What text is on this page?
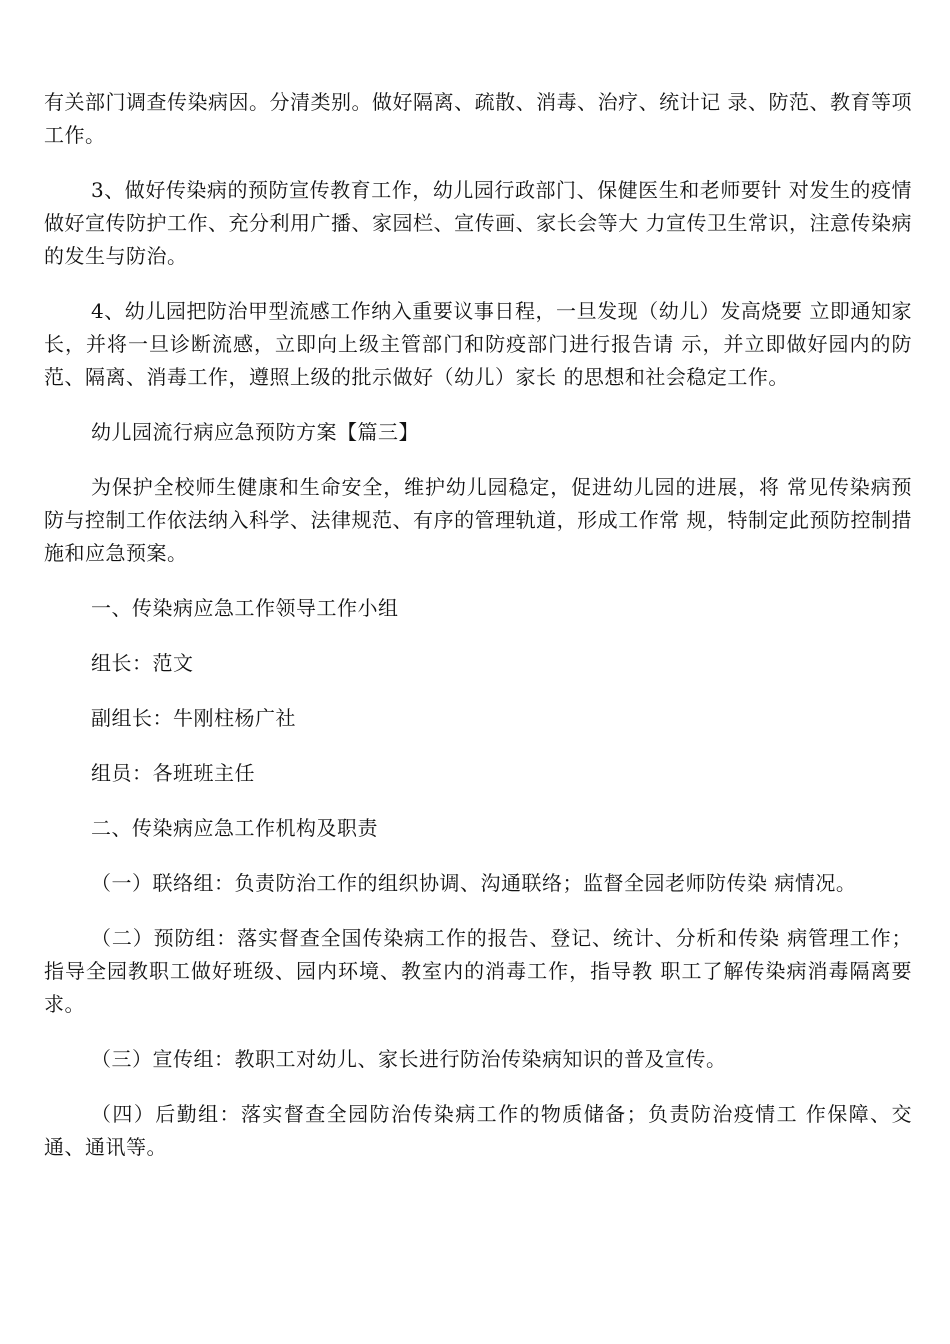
有关部门调查传染病因。分清类别。做好隔离、疏散、消毒、治疗、统计记 录、防范、教育等项工作。

3、做好传染病的预防宣传教育工作，幼儿园行政部门、保健医生和老师要针 对发生的疫情做好宣传防护工作、充分利用广播、家园栏、宣传画、家长会等大 力宣传卫生常识，注意传染病的发生与防治。

4、幼儿园把防治甲型流感工作纳入重要议事日程，一旦发现（幼儿）发高烧要 立即通知家长，并将一旦诊断流感，立即向上级主管部门和防疫部门进行报告请 示，并立即做好园内的防范、隔离、消毒工作，遵照上级的批示做好（幼儿）家长 的思想和社会稳定工作。

幼儿园流行病应急预防方案【篇三】

为保护全校师生健康和生命安全，维护幼儿园稳定，促进幼儿园的进展，将 常见传染病预防与控制工作依法纳入科学、法律规范、有序的管理轨道，形成工作常 规，特制定此预防控制措施和应急预案。

一、传染病应急工作领导工作小组

组长：范文

副组长：牛刚柱杨广社

组员：各班班主任

二、传染病应急工作机构及职责

（一）联络组：负责防治工作的组织协调、沟通联络；监督全园老师防传染 病情况。

（二）预防组：落实督查全国传染病工作的报告、登记、统计、分析和传染 病管理工作；指导全园教职工做好班级、园内环境、教室内的消毒工作，指导教 职工了解传染病消毒隔离要求。

（三）宣传组：教职工对幼儿、家长进行防治传染病知识的普及宣传。

（四）后勤组：落实督查全园防治传染病工作的物质储备；负责防治疫情工 作保障、交通、通讯等。
